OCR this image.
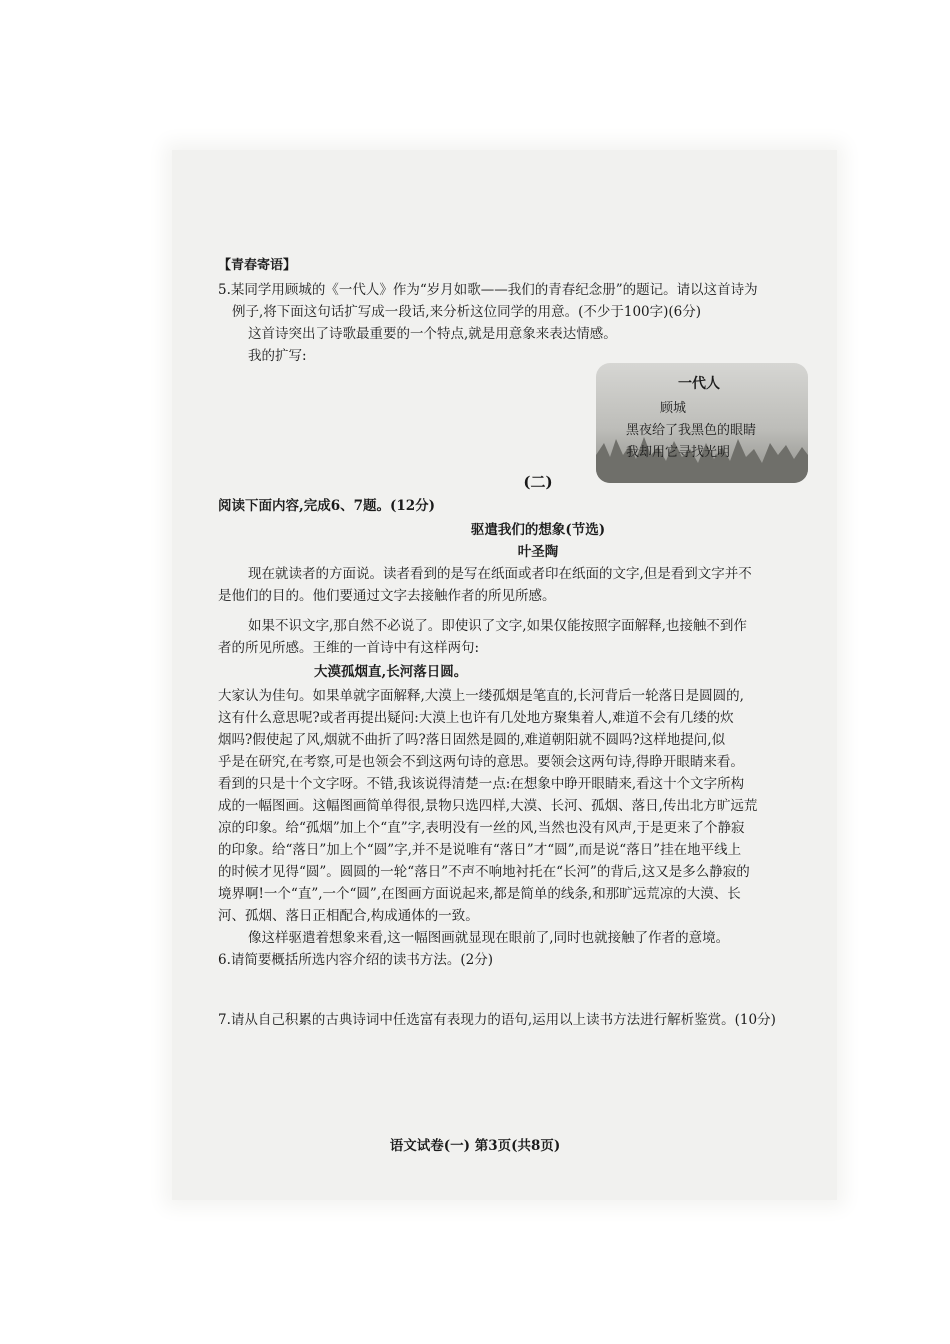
一代人
顾城
黑夜给了我黑色的眼睛
我却用它寻找光明
【青春寄语】

5.某同学用顾城的《一代人》作为“岁月如歌——我们的青春纪念册”的题记。请以这首诗为

例子,将下面这句话扩写成一段话,来分析这位同学的用意。(不少于100字)(6分)

这首诗突出了诗歌最重要的一个特点,就是用意象来表达情感。

我的扩写:

(二)

阅读下面内容,完成6、7题。(12分)

驱遣我们的想象(节选)

叶圣陶

现在就读者的方面说。读者看到的是写在纸面或者印在纸面的文字,但是看到文字并不

是他们的目的。他们要通过文字去接触作者的所见所感。

如果不识文字,那自然不必说了。即使识了文字,如果仅能按照字面解释,也接触不到作

者的所见所感。王维的一首诗中有这样两句:

大漠孤烟直,长河落日圆。

大家认为佳句。如果单就字面解释,大漠上一缕孤烟是笔直的,长河背后一轮落日是圆圆的,

这有什么意思呢?或者再提出疑问:大漠上也许有几处地方聚集着人,难道不会有几缕的炊

烟吗?假使起了风,烟就不曲折了吗?落日固然是圆的,难道朝阳就不圆吗?这样地提问,似

乎是在研究,在考察,可是也领会不到这两句诗的意思。要领会这两句诗,得睁开眼睛来看。

看到的只是十个文字呀。不错,我该说得清楚一点:在想象中睁开眼睛来,看这十个文字所构

成的一幅图画。这幅图画简单得很,景物只选四样,大漠、长河、孤烟、落日,传出北方旷远荒

凉的印象。给“孤烟”加上个“直”字,表明没有一丝的风,当然也没有风声,于是更来了个静寂

的印象。给“落日”加上个“圆”字,并不是说唯有“落日”才“圆”,而是说“落日”挂在地平线上

的时候才见得“圆”。圆圆的一轮“落日”不声不响地衬托在“长河”的背后,这又是多么静寂的

境界啊!一个“直”,一个“圆”,在图画方面说起来,都是简单的线条,和那旷远荒凉的大漠、长

河、孤烟、落日正相配合,构成通体的一致。

像这样驱遣着想象来看,这一幅图画就显现在眼前了,同时也就接触了作者的意境。

6.请简要概括所选内容介绍的读书方法。(2分)

7.请从自己积累的古典诗词中任选富有表现力的语句,运用以上读书方法进行解析鉴赏。(10分)

语文试卷(一) 第3页(共8页)
